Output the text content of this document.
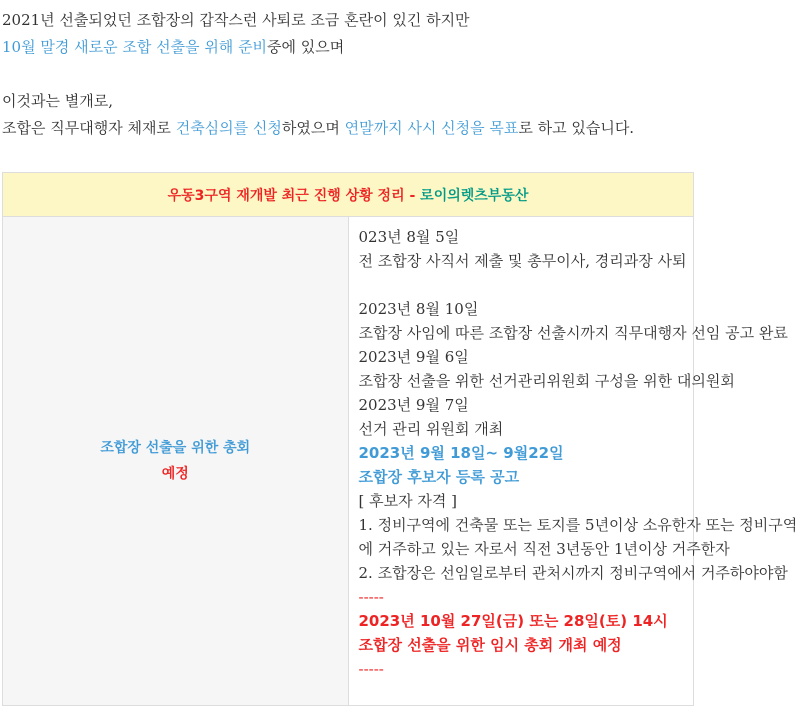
2021년 선출되었던 조합장의 갑작스런 사퇴로 조금 혼란이 있긴 하지만
10월 말경 새로운 조합 선출을 위해 준비중에 있으며
이것과는 별개로,
조합은 직무대행자 체재로 건축심의를 신청하였으며 연말까지 사시 신청을 목표로 하고 있습니다.
우동3구역 재개발 최근 진행 상황 정리 - 로이의렛츠부동산

조합장 선출을 위한 총회
예정

023년 8월 5일
전 조합장 사직서 제출 및 총무이사, 경리과장 사퇴
2023년 8월 10일
조합장 사임에 따른 조합장 선출시까지 직무대행자 선임 공고 완료
2023년 9월 6일
조합장 선출을 위한 선거관리위원회 구성을 위한 대의원회
2023년 9월 7일
선거 관리 위원회 개최
2023년 9월 18일~ 9월22일
조합장 후보자 등록 공고
[ 후보자 자격 ]
1. 정비구역에 건축물 또는 토지를 5년이상 소유한자 또는 정비구역
에 거주하고 있는 자로서 직전 3년동안 1년이상 거주한자
2. 조합장은 선임일로부터 관처시까지 정비구역에서 거주하야야함
-----
2023년 10월 27일(금) 또는 28일(토) 14시
조합장 선출을 위한 임시 총회 개최 예정
-----
